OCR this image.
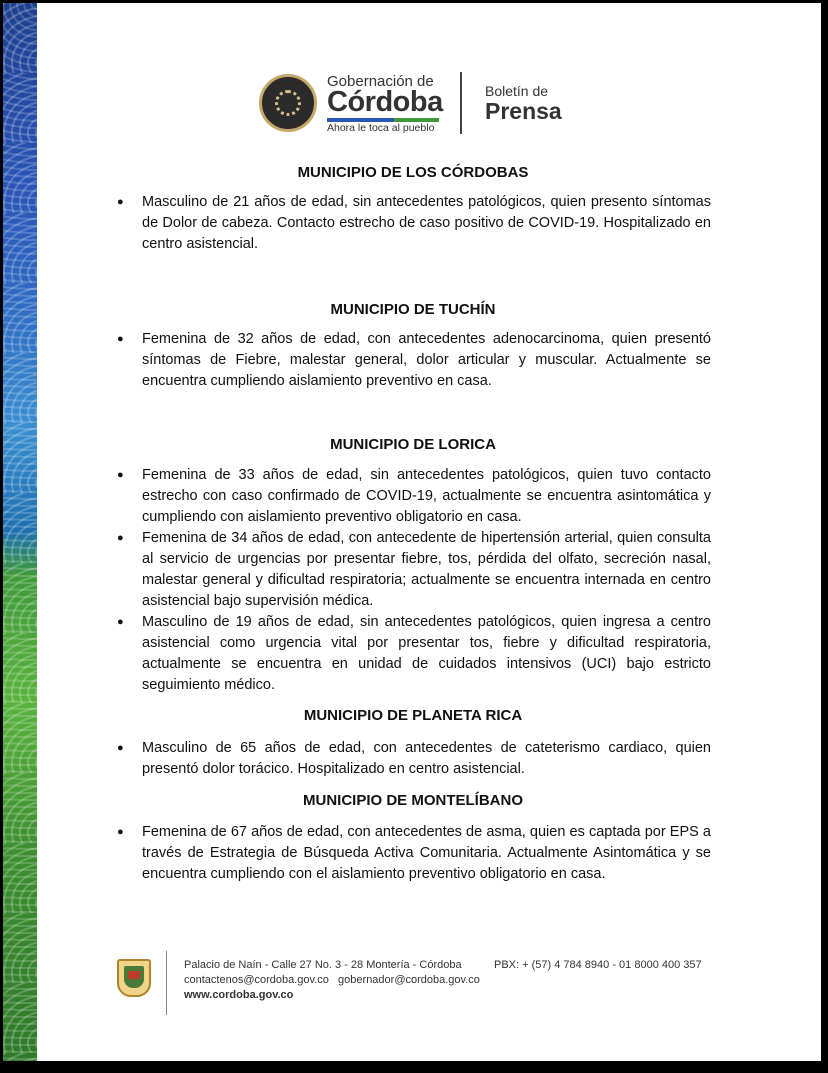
Gobernación de
Córdoba
Ahora le toca al pueblo
Boletín de
Prensa
MUNICIPIO DE LOS CÓRDOBAS
● Masculino de 21 años de edad, sin antecedentes patológicos, quien presento síntomas de Dolor de cabeza. Contacto estrecho de caso positivo de COVID-19. Hospitalizado en centro asistencial.
MUNICIPIO DE TUCHÍN
● Femenina de 32 años de edad, con antecedentes adenocarcinoma, quien presentó síntomas de Fiebre, malestar general, dolor articular y muscular. Actualmente se encuentra cumpliendo aislamiento preventivo en casa.
MUNICIPIO DE LORICA
● Femenina de 33 años de edad, sin antecedentes patológicos, quien tuvo contacto estrecho con caso confirmado de COVID-19, actualmente se encuentra asintomática y cumpliendo con aislamiento preventivo obligatorio en casa.
● Femenina de 34 años de edad, con antecedente de hipertensión arterial, quien consulta al servicio de urgencias por presentar fiebre, tos, pérdida del olfato, secreción nasal, malestar general y dificultad respiratoria; actualmente se encuentra internada en centro asistencial bajo supervisión médica.
● Masculino de 19 años de edad, sin antecedentes patológicos, quien ingresa a centro asistencial como urgencia vital por presentar tos, fiebre y dificultad respiratoria, actualmente se encuentra en unidad de cuidados intensivos (UCI) bajo estricto seguimiento médico.
MUNICIPIO DE PLANETA RICA
● Masculino de 65 años de edad, con antecedentes de cateterismo cardiaco, quien presentó dolor torácico. Hospitalizado en centro asistencial.
MUNICIPIO DE MONTELÍBANO
● Femenina de 67 años de edad, con antecedentes de asma, quien es captada por EPS a través de Estrategia de Búsqueda Activa Comunitaria. Actualmente Asintomática y se encuentra cumpliendo con el aislamiento preventivo obligatorio en casa.
Palacio de Naín - Calle 27 No. 3 - 28 Montería - Córdoba	PBX: + (57) 4 784 8940 - 01 8000 400 357
contactenos@cordoba.gov.co   gobernador@cordoba.gov.co
www.cordoba.gov.co
